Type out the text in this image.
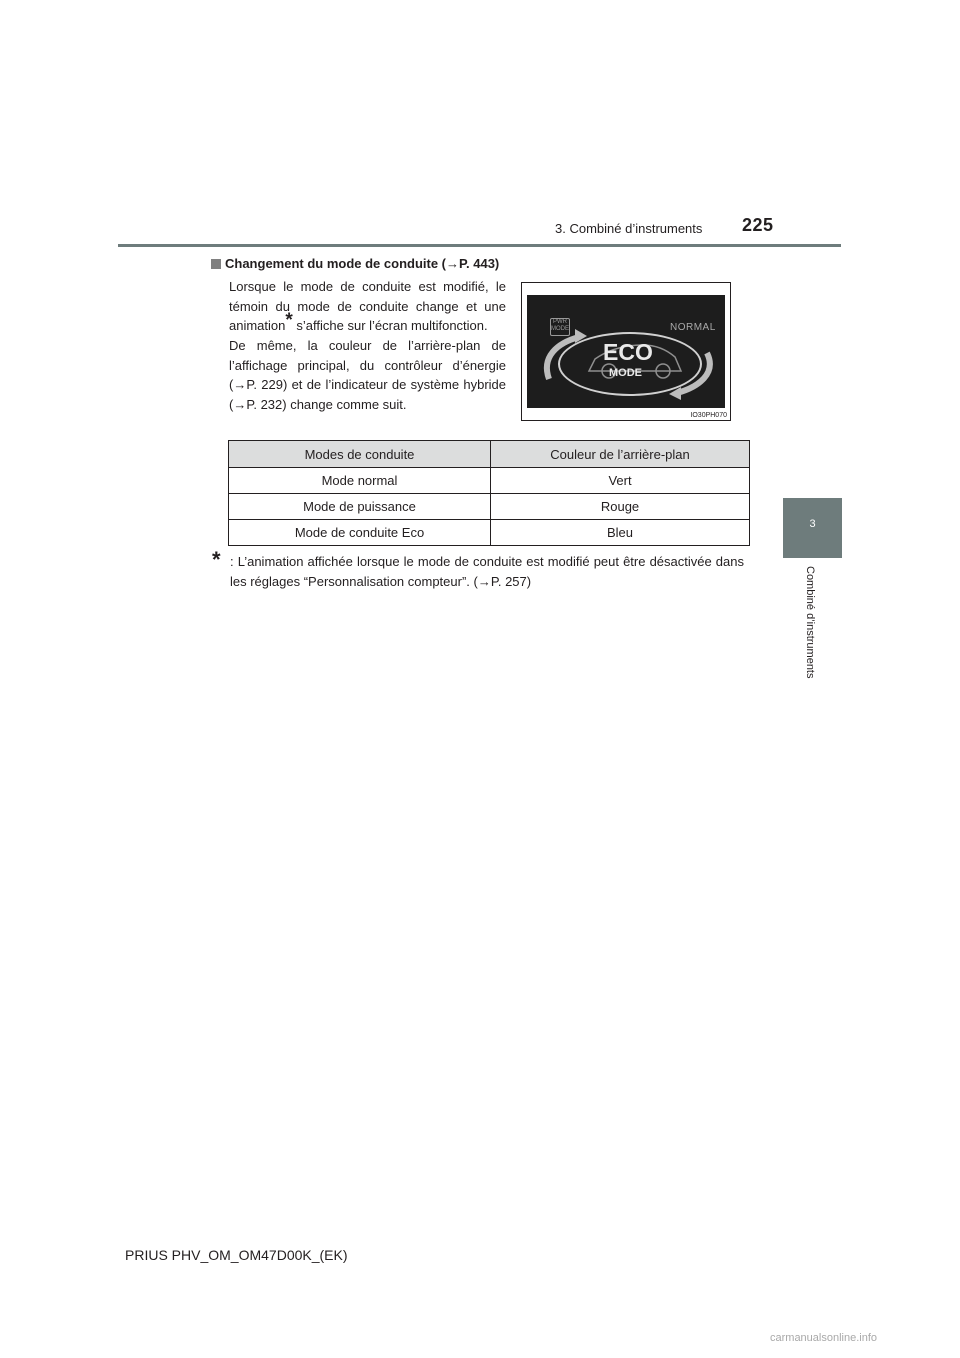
3. Combiné d’instruments 225
3
Combiné d’instruments
Changement du mode de conduite (→P. 443)
Lorsque le mode de conduite est modifié, le témoin du mode de conduite change et une animation* s’affiche sur l’écran multifonction.
De même, la couleur de l’arrière-plan de l’affichage principal, du contrôleur d’énergie (→P. 229) et de l’indicateur de système hybride (→P. 232) change comme suit.
PWR
MODE	NORMAL
ECO
MODE
IO30PH070
Modes de conduite	Couleur de l’arrière-plan
Mode normal	Vert
Mode de puissance	Rouge
Mode de conduite Eco	Bleu
* : L’animation affichée lorsque le mode de conduite est modifié peut être désactivée dans les réglages “Personnalisation compteur”. (→P. 257)
PRIUS PHV_OM_OM47D00K_(EK)
carmanualsonline.info
